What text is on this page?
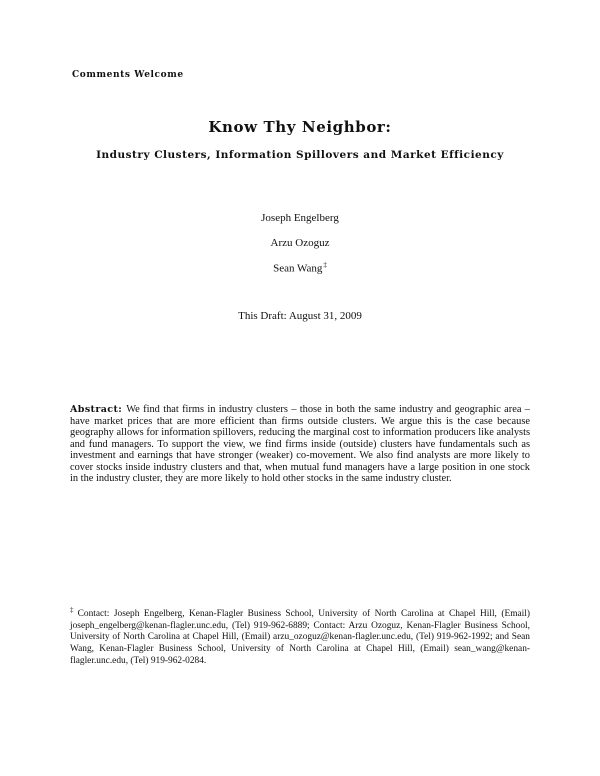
Comments Welcome
Know Thy Neighbor:
Industry Clusters, Information Spillovers and Market Efficiency
Joseph Engelberg
Arzu Ozoguz
Sean Wang‡
This Draft: August 31, 2009
Abstract: We find that firms in industry clusters – those in both the same industry and geographic area – have market prices that are more efficient than firms outside clusters. We argue this is the case because geography allows for information spillovers, reducing the marginal cost to information producers like analysts and fund managers. To support the view, we find firms inside (outside) clusters have fundamentals such as investment and earnings that have stronger (weaker) co-movement. We also find analysts are more likely to cover stocks inside industry clusters and that, when mutual fund managers have a large position in one stock in the industry cluster, they are more likely to hold other stocks in the same industry cluster.
‡ Contact: Joseph Engelberg, Kenan-Flagler Business School, University of North Carolina at Chapel Hill, (Email) joseph_engelberg@kenan-flagler.unc.edu, (Tel) 919-962-6889; Contact: Arzu Ozoguz, Kenan-Flagler Business School, University of North Carolina at Chapel Hill, (Email) arzu_ozoguz@kenan-flagler.unc.edu, (Tel) 919-962-1992; and Sean Wang, Kenan-Flagler Business School, University of North Carolina at Chapel Hill, (Email) sean_wang@kenan-flagler.unc.edu, (Tel) 919-962-0284.
